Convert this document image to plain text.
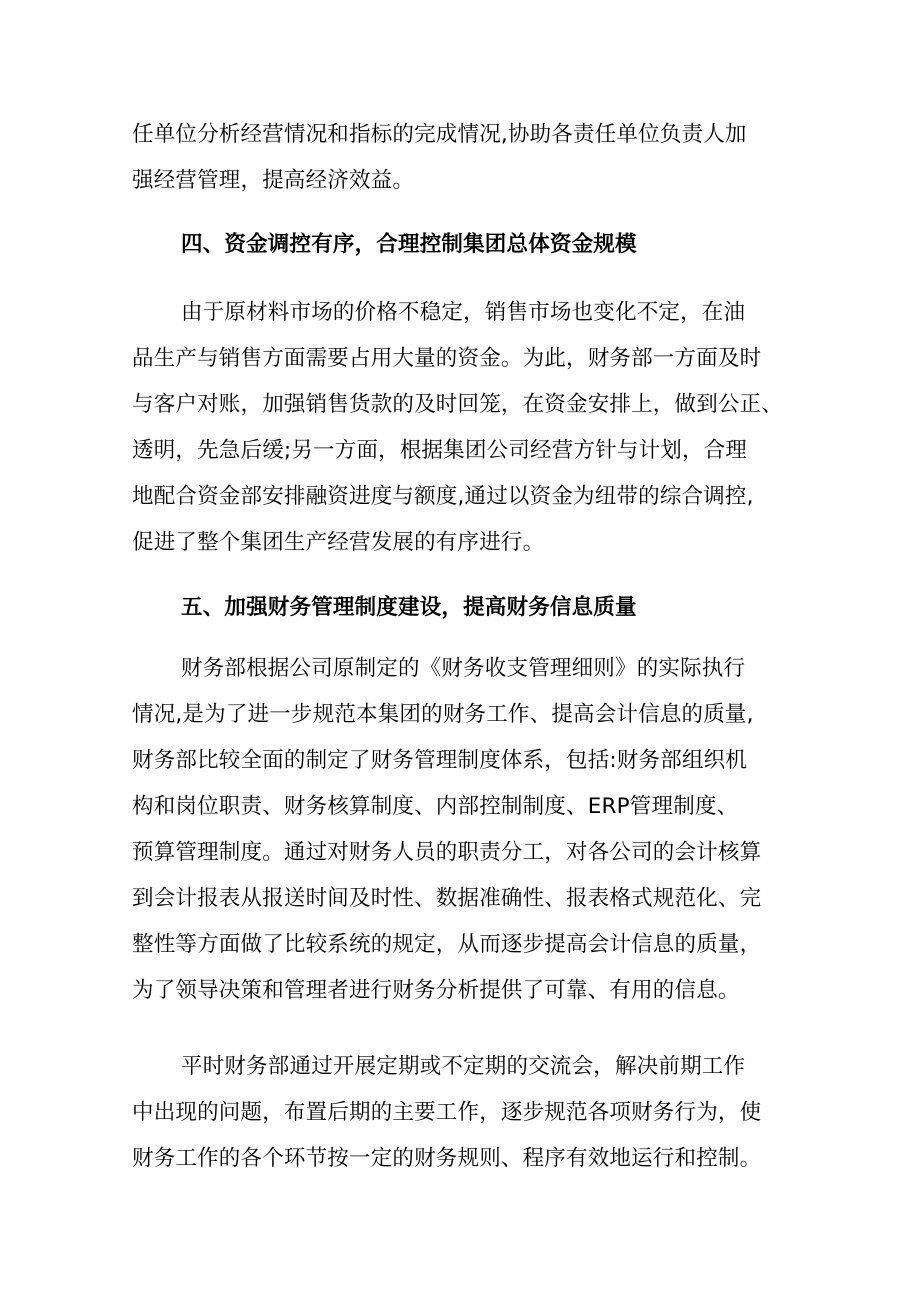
任单位分析经营情况和指标的完成情况,协助各责任单位负责人加
强经营管理，提高经济效益。
四、资金调控有序，合理控制集团总体资金规模
由于原材料市场的价格不稳定，销售市场也变化不定，在油
品生产与销售方面需要占用大量的资金。为此，财务部一方面及时
与客户对账，加强销售货款的及时回笼，在资金安排上，做到公正、
透明，先急后缓;另一方面，根据集团公司经营方针与计划，合理
地配合资金部安排融资进度与额度,通过以资金为纽带的综合调控,
促进了整个集团生产经营发展的有序进行。
五、加强财务管理制度建设，提高财务信息质量
财务部根据公司原制定的《财务收支管理细则》的实际执行
情况,是为了进一步规范本集团的财务工作、提高会计信息的质量,
财务部比较全面的制定了财务管理制度体系，包括:财务部组织机
构和岗位职责、财务核算制度、内部控制制度、ERP管理制度、
预算管理制度。通过对财务人员的职责分工，对各公司的会计核算
到会计报表从报送时间及时性、数据准确性、报表格式规范化、完
整性等方面做了比较系统的规定，从而逐步提高会计信息的质量，
为了领导决策和管理者进行财务分析提供了可靠、有用的信息。
平时财务部通过开展定期或不定期的交流会，解决前期工作
中出现的问题，布置后期的主要工作，逐步规范各项财务行为，使
财务工作的各个环节按一定的财务规则、程序有效地运行和控制。
